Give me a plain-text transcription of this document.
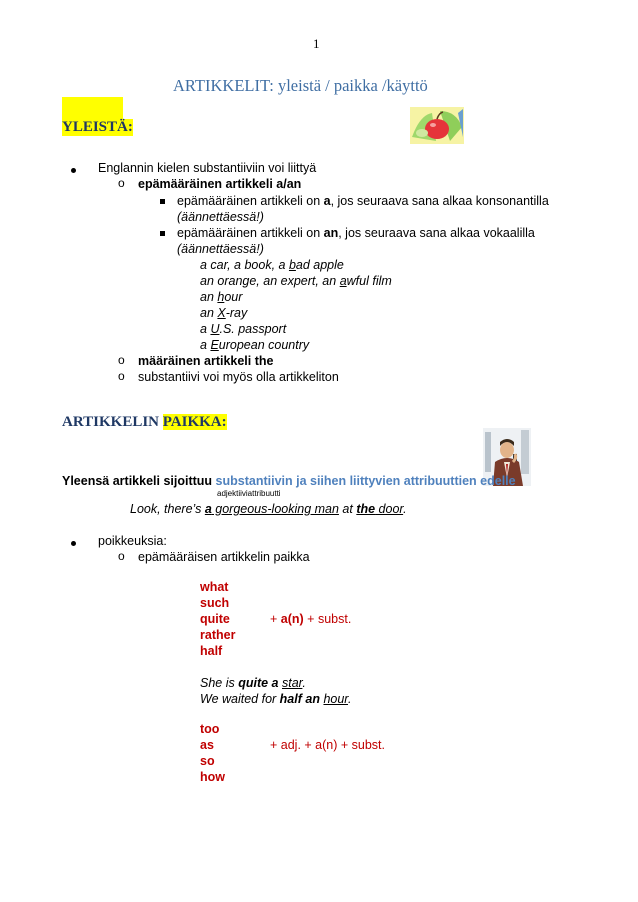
1
ARTIKKELIT: yleistä / paikka /käyttö
YLEISTÄ:
Englannin kielen substantiiviin voi liittyä
o epämääräinen artikkeli a/an
epämääräinen artikkeli on a, jos seuraava sana alkaa konsonantilla
(äännettäessä!)
epämääräinen artikkeli on an, jos seuraava sana alkaa vokaalilla
(äännettäessä!)
a car, a book, a bad apple
an orange, an expert, an awful film
an hour
an X-ray
a U.S. passport
a European country
o määräinen artikkeli the
o substantiivi voi myös olla artikkeliton
ARTIKKELIN PAIKKA:
Yleensä artikkeli sijoittuu substantiivin ja siihen liittyvien attribuuttien edelle
adjektiiviattribuutti
Look, there’s a gorgeous-looking man at the door.
poikkeuksia:
o epämääräisen artikkelin paikka
what
such
quite
rather
half
+ a(n) + subst.
She is quite a star.
We waited for half an hour.
too
as
so
how
+ adj. + a(n) + subst.
